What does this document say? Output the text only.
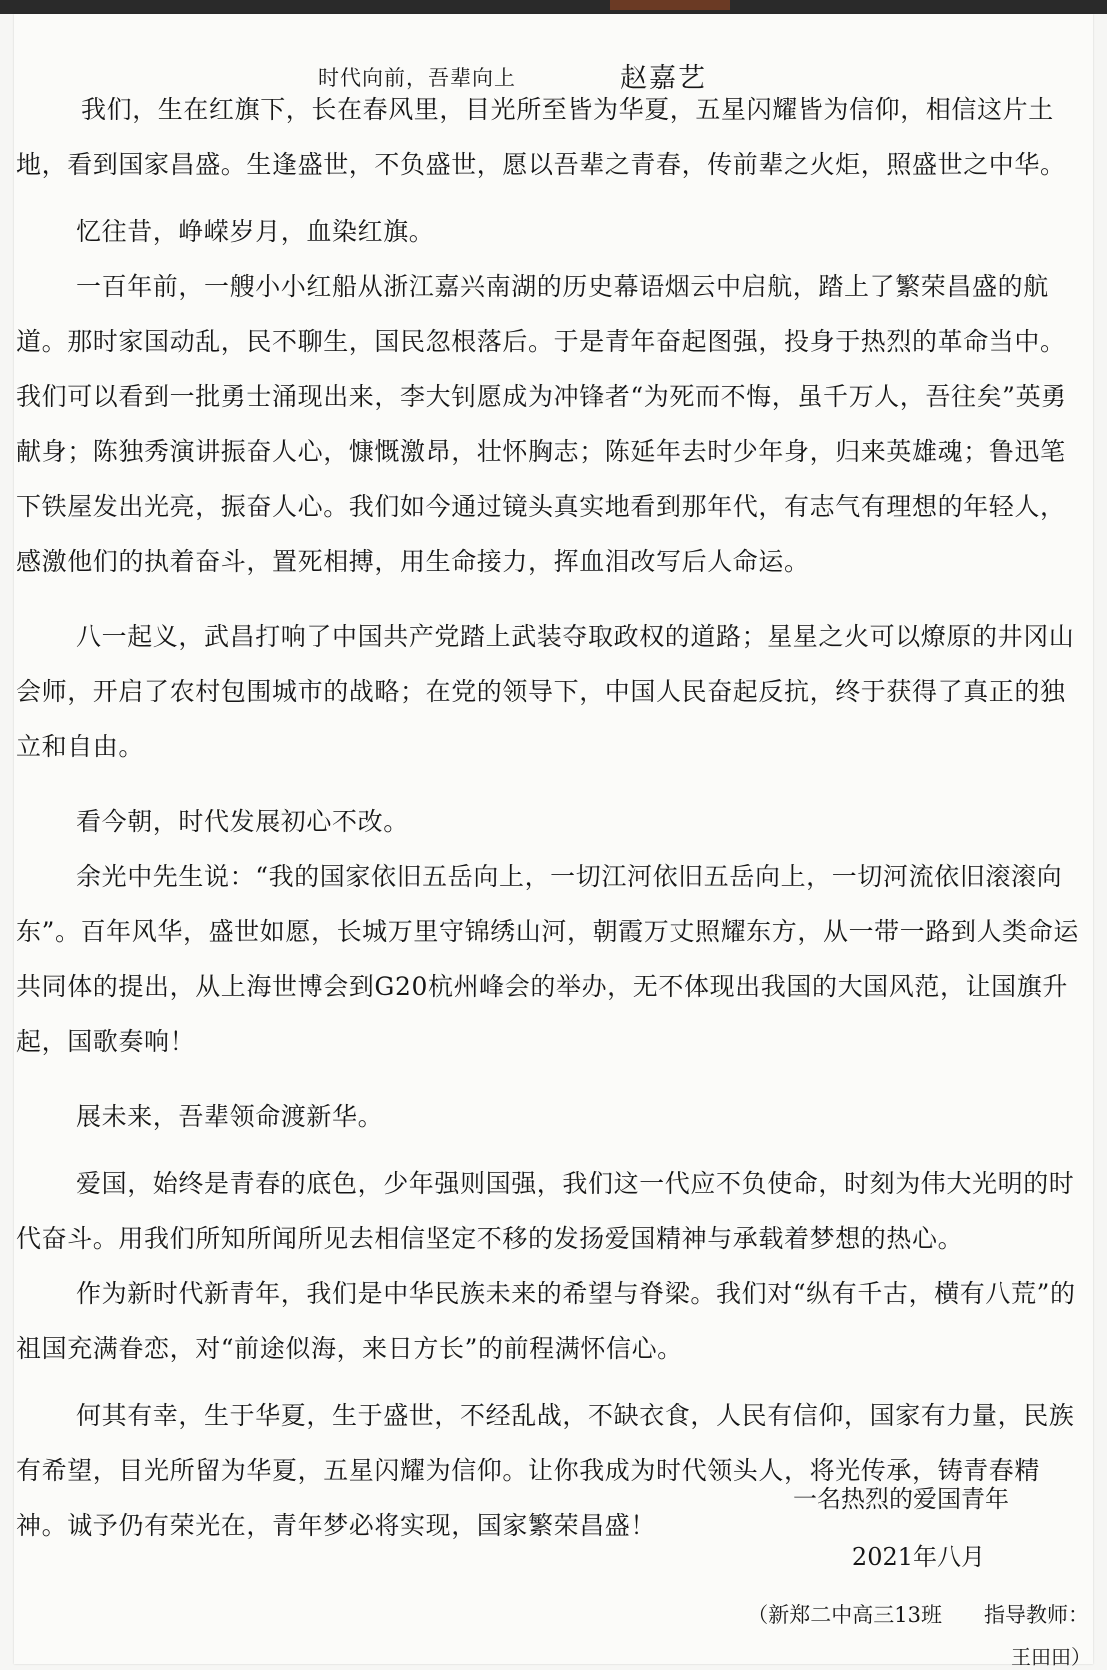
时代向前，吾辈向上	赵嘉艺

我们，生在红旗下，长在春风里，目光所至皆为华夏，五星闪耀皆为信仰，相信这片土地，看到国家昌盛。生逢盛世，不负盛世，愿以吾辈之青春，传前辈之火炬，照盛世之中华。

忆往昔，峥嵘岁月，血染红旗。

一百年前，一艘小小红船从浙江嘉兴南湖的历史幕语烟云中启航，踏上了繁荣昌盛的航道。那时家国动乱，民不聊生，国民忽根落后。于是青年奋起图强，投身于热烈的革命当中。我们可以看到一批勇士涌现出来，李大钊愿成为冲锋者“为死而不悔，虽千万人，吾往矣”英勇献身；陈独秀演讲振奋人心，慷慨激昂，壮怀胸志；陈延年去时少年身，归来英雄魂；鲁迅笔下铁屋发出光亮，振奋人心。我们如今通过镜头真实地看到那年代，有志气有理想的年轻人，感激他们的执着奋斗，置死相搏，用生命接力，挥血泪改写后人命运。

八一起义，武昌打响了中国共产党踏上武装夺取政权的道路；星星之火可以燎原的井冈山会师，开启了农村包围城市的战略；在党的领导下，中国人民奋起反抗，终于获得了真正的独立和自由。

看今朝，时代发展初心不改。

余光中先生说：“我的国家依旧五岳向上，一切江河依旧五岳向上，一切河流依旧滚滚向东”。百年风华，盛世如愿，长城万里守锦绣山河，朝霞万丈照耀东方，从一带一路到人类命运共同体的提出，从上海世博会到G20杭州峰会的举办，无不体现出我国的大国风范，让国旗升起，国歌奏响！

展未来，吾辈领命渡新华。

爱国，始终是青春的底色，少年强则国强，我们这一代应不负使命，时刻为伟大光明的时代奋斗。用我们所知所闻所见去相信坚定不移的发扬爱国精神与承载着梦想的热心。

作为新时代新青年，我们是中华民族未来的希望与脊梁。我们对“纵有千古，横有八荒”的祖国充满眷恋，对“前途似海，来日方长”的前程满怀信心。

何其有幸，生于华夏，生于盛世，不经乱战，不缺衣食，人民有信仰，国家有力量，民族有希望，目光所留为华夏，五星闪耀为信仰。让你我成为时代领头人，将光传承，铸青春精神。诚予仍有荣光在，青年梦必将实现，国家繁荣昌盛！

一名热烈的爱国青年
2021年八月
（新郑二中高三13班　　指导教师：
王田田）
